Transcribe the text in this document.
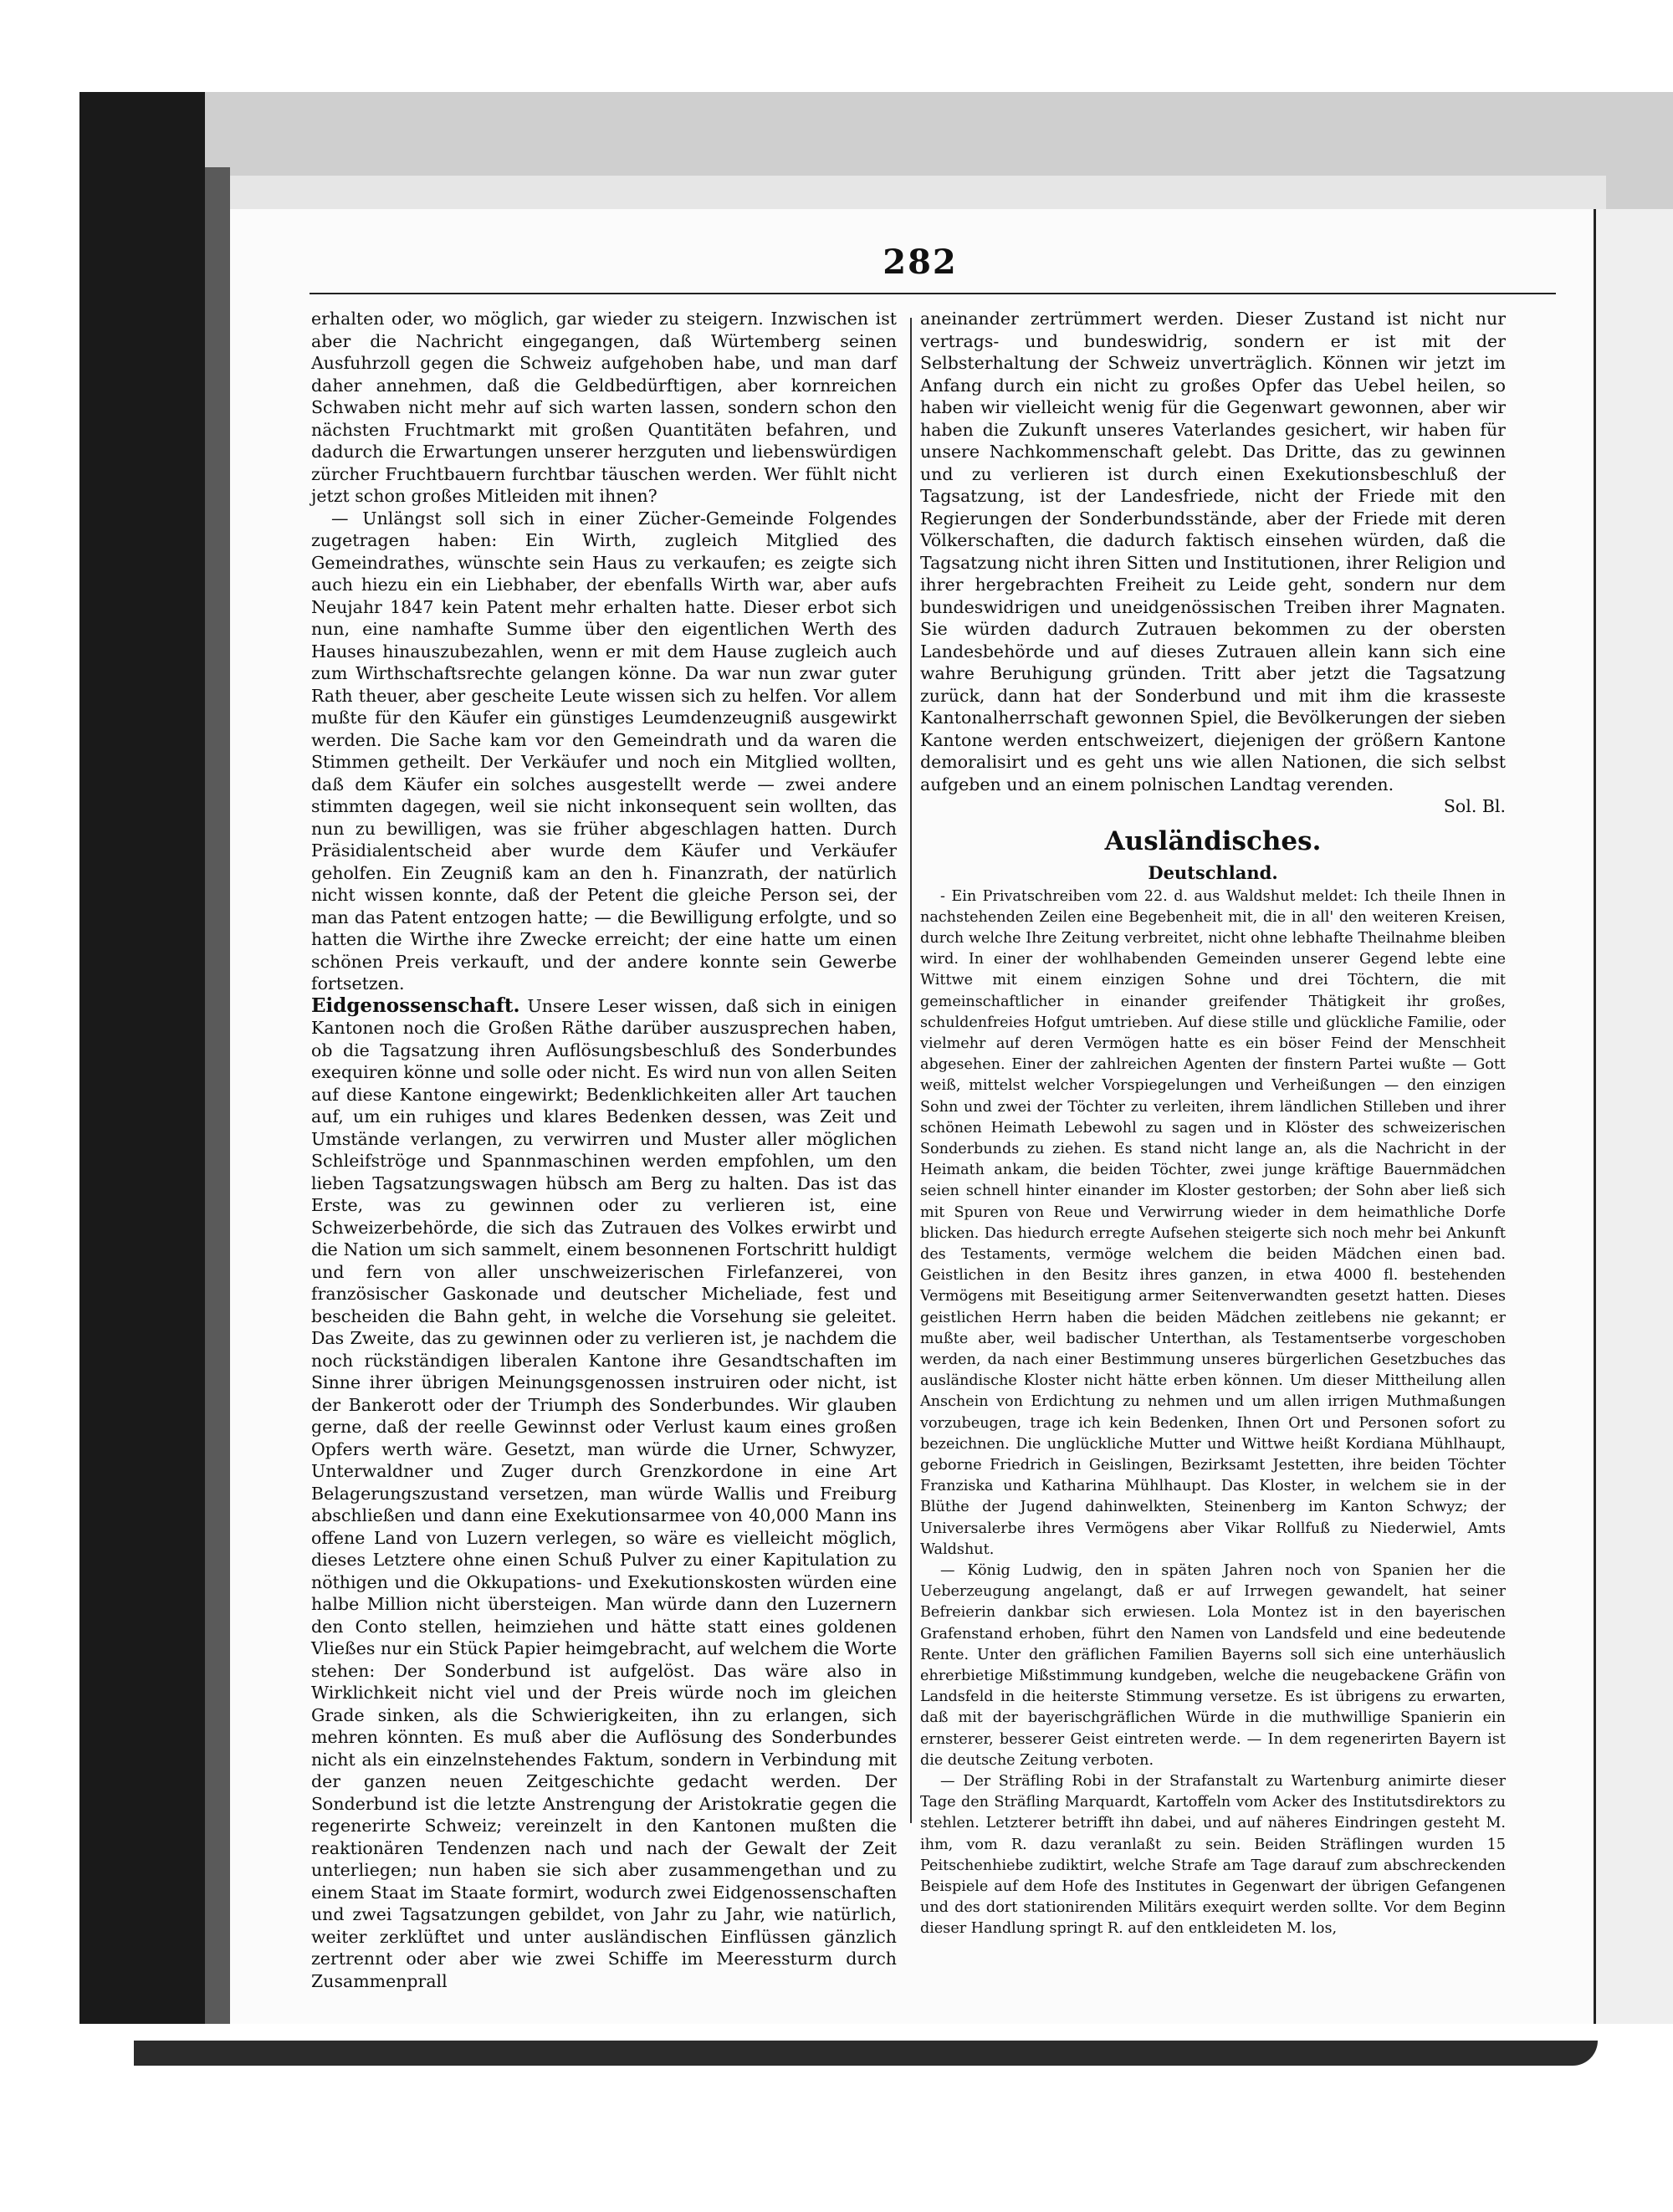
282

erhalten oder, wo möglich, gar wieder zu steigern. Inzwischen ist aber die Nachricht eingegangen, daß Würtemberg seinen Ausfuhrzoll gegen die Schweiz aufgehoben habe, und man darf daher annehmen, daß die Geldbedürftigen, aber kornreichen Schwaben nicht mehr auf sich warten lassen, sondern schon den nächsten Fruchtmarkt mit großen Quantitäten befahren, und dadurch die Erwartungen unserer herzguten und liebenswürdigen zürcher Fruchtbauern furchtbar täuschen werden. Wer fühlt nicht jetzt schon großes Mitleiden mit ihnen?

— Unlängst soll sich in einer Zücher-Gemeinde Folgendes zugetragen haben: Ein Wirth, zugleich Mitglied des Gemeindrathes, wünschte sein Haus zu verkaufen; es zeigte sich auch hiezu ein ein Liebhaber, der ebenfalls Wirth war, aber aufs Neujahr 1847 kein Patent mehr erhalten hatte. Dieser erbot sich nun, eine namhafte Summe über den eigentlichen Werth des Hauses hinauszubezahlen, wenn er mit dem Hause zugleich auch zum Wirthschaftsrechte gelangen könne. Da war nun zwar guter Rath theuer, aber gescheite Leute wissen sich zu helfen. Vor allem mußte für den Käufer ein günstiges Leumdenzeugniß ausgewirkt werden. Die Sache kam vor den Gemeindrath und da waren die Stimmen getheilt. Der Verkäufer und noch ein Mitglied wollten, daß dem Käufer ein solches ausgestellt werde — zwei andere stimmten dagegen, weil sie nicht inkonsequent sein wollten, das nun zu bewilligen, was sie früher abgeschlagen hatten. Durch Präsidialentscheid aber wurde dem Käufer und Verkäufer geholfen. Ein Zeugniß kam an den h. Finanzrath, der natürlich nicht wissen konnte, daß der Petent die gleiche Person sei, der man das Patent entzogen hatte; — die Bewilligung erfolgte, und so hatten die Wirthe ihre Zwecke erreicht; der eine hatte um einen schönen Preis verkauft, und der andere konnte sein Gewerbe fortsetzen.

Eidgenossenschaft. Unsere Leser wissen, daß sich in einigen Kantonen noch die Großen Räthe darüber auszusprechen haben, ob die Tagsatzung ihren Auflösungsbeschluß des Sonderbundes exequiren könne und solle oder nicht. Es wird nun von allen Seiten auf diese Kantone eingewirkt; Bedenklichkeiten aller Art tauchen auf, um ein ruhiges und klares Bedenken dessen, was Zeit und Umstände verlangen, zu verwirren und Muster aller möglichen Schleifströge und Spannmaschinen werden empfohlen, um den lieben Tagsatzungswagen hübsch am Berg zu halten. Das ist das Erste, was zu gewinnen oder zu verlieren ist, eine Schweizerbehörde, die sich das Zutrauen des Volkes erwirbt und die Nation um sich sammelt, einem besonnenen Fortschritt huldigt und fern von aller unschweizerischen Firlefanzerei, von französischer Gaskonade und deutscher Micheliade, fest und bescheiden die Bahn geht, in welche die Vorsehung sie geleitet. Das Zweite, das zu gewinnen oder zu verlieren ist, je nachdem die noch rückständigen liberalen Kantone ihre Gesandtschaften im Sinne ihrer übrigen Meinungsgenossen instruiren oder nicht, ist der Bankerott oder der Triumph des Sonderbundes. Wir glauben gerne, daß der reelle Gewinnst oder Verlust kaum eines großen Opfers werth wäre. Gesetzt, man würde die Urner, Schwyzer, Unterwaldner und Zuger durch Grenzkordone in eine Art Belagerungszustand versetzen, man würde Wallis und Freiburg abschließen und dann eine Exekutionsarmee von 40,000 Mann ins offene Land von Luzern verlegen, so wäre es vielleicht möglich, dieses Letztere ohne einen Schuß Pulver zu einer Kapitulation zu nöthigen und die Okkupations- und Exekutionskosten würden eine halbe Million nicht übersteigen. Man würde dann den Luzernern den Conto stellen, heimziehen und hätte statt eines goldenen Vließes nur ein Stück Papier heimgebracht, auf welchem die Worte stehen: Der Sonderbund ist aufgelöst. Das wäre also in Wirklichkeit nicht viel und der Preis würde noch im gleichen Grade sinken, als die Schwierigkeiten, ihn zu erlangen, sich mehren könnten. Es muß aber die Auflösung des Sonderbundes nicht als ein einzelnstehendes Faktum, sondern in Verbindung mit der ganzen neuen Zeitgeschichte gedacht werden. Der Sonderbund ist die letzte Anstrengung der Aristokratie gegen die regenerirte Schweiz; vereinzelt in den Kantonen mußten die reaktionären Tendenzen nach und nach der Gewalt der Zeit unterliegen; nun haben sie sich aber zusammengethan und zu einem Staat im Staate formirt, wodurch zwei Eidgenossenschaften und zwei Tagsatzungen gebildet, von Jahr zu Jahr, wie natürlich, weiter zerklüftet und unter ausländischen Einflüssen gänzlich zertrennt oder aber wie zwei Schiffe im Meeressturm durch Zusammenprall

aneinander zertrümmert werden. Dieser Zustand ist nicht nur vertrags- und bundeswidrig, sondern er ist mit der Selbsterhaltung der Schweiz unverträglich. Können wir jetzt im Anfang durch ein nicht zu großes Opfer das Uebel heilen, so haben wir vielleicht wenig für die Gegenwart gewonnen, aber wir haben die Zukunft unseres Vaterlandes gesichert, wir haben für unsere Nachkommenschaft gelebt. Das Dritte, das zu gewinnen und zu verlieren ist durch einen Exekutionsbeschluß der Tagsatzung, ist der Landesfriede, nicht der Friede mit den Regierungen der Sonderbundsstände, aber der Friede mit deren Völkerschaften, die dadurch faktisch einsehen würden, daß die Tagsatzung nicht ihren Sitten und Institutionen, ihrer Religion und ihrer hergebrachten Freiheit zu Leide geht, sondern nur dem bundeswidrigen und uneidgenössischen Treiben ihrer Magnaten. Sie würden dadurch Zutrauen bekommen zu der obersten Landesbehörde und auf dieses Zutrauen allein kann sich eine wahre Beruhigung gründen. Tritt aber jetzt die Tagsatzung zurück, dann hat der Sonderbund und mit ihm die krasseste Kantonalherrschaft gewonnen Spiel, die Bevölkerungen der sieben Kantone werden entschweizert, diejenigen der größern Kantone demoralisirt und es geht uns wie allen Nationen, die sich selbst aufgeben und an einem polnischen Landtag verenden.
Sol. Bl.

Ausländisches.
Deutschland.

- Ein Privatschreiben vom 22. d. aus Waldshut meldet: Ich theile Ihnen in nachstehenden Zeilen eine Begebenheit mit, die in all' den weiteren Kreisen, durch welche Ihre Zeitung verbreitet, nicht ohne lebhafte Theilnahme bleiben wird. In einer der wohlhabenden Gemeinden unserer Gegend lebte eine Wittwe mit einem einzigen Sohne und drei Töchtern, die mit gemeinschaftlicher in einander greifender Thätigkeit ihr großes, schuldenfreies Hofgut umtrieben. Auf diese stille und glückliche Familie, oder vielmehr auf deren Vermögen hatte es ein böser Feind der Menschheit abgesehen. Einer der zahlreichen Agenten der finstern Partei wußte — Gott weiß, mittelst welcher Vorspiegelungen und Verheißungen — den einzigen Sohn und zwei der Töchter zu verleiten, ihrem ländlichen Stilleben und ihrer schönen Heimath Lebewohl zu sagen und in Klöster des schweizerischen Sonderbunds zu ziehen. Es stand nicht lange an, als die Nachricht in der Heimath ankam, die beiden Töchter, zwei junge kräftige Bauernmädchen seien schnell hinter einander im Kloster gestorben; der Sohn aber ließ sich mit Spuren von Reue und Verwirrung wieder in dem heimathliche Dorfe blicken. Das hiedurch erregte Aufsehen steigerte sich noch mehr bei Ankunft des Testaments, vermöge welchem die beiden Mädchen einen bad. Geistlichen in den Besitz ihres ganzen, in etwa 4000 fl. bestehenden Vermögens mit Beseitigung armer Seitenverwandten gesetzt hatten. Dieses geistlichen Herrn haben die beiden Mädchen zeitlebens nie gekannt; er mußte aber, weil badischer Unterthan, als Testamentserbe vorgeschoben werden, da nach einer Bestimmung unseres bürgerlichen Gesetzbuches das ausländische Kloster nicht hätte erben können. Um dieser Mittheilung allen Anschein von Erdichtung zu nehmen und um allen irrigen Muthmaßungen vorzubeugen, trage ich kein Bedenken, Ihnen Ort und Personen sofort zu bezeichnen. Die unglückliche Mutter und Wittwe heißt Kordiana Mühlhaupt, geborne Friedrich in Geislingen, Bezirksamt Jestetten, ihre beiden Töchter Franziska und Katharina Mühlhaupt. Das Kloster, in welchem sie in der Blüthe der Jugend dahinwelkten, Steinenberg im Kanton Schwyz; der Universalerbe ihres Vermögens aber Vikar Rollfuß zu Niederwiel, Amts Waldshut.

— König Ludwig, den in späten Jahren noch von Spanien her die Ueberzeugung angelangt, daß er auf Irrwegen gewandelt, hat seiner Befreierin dankbar sich erwiesen. Lola Montez ist in den bayerischen Grafenstand erhoben, führt den Namen von Landsfeld und eine bedeutende Rente. Unter den gräflichen Familien Bayerns soll sich eine unterhäuslich ehrerbietige Mißstimmung kundgeben, welche die neugebackene Gräfin von Landsfeld in die heiterste Stimmung versetze. Es ist übrigens zu erwarten, daß mit der bayerischgräflichen Würde in die muthwillige Spanierin ein ernsterer, besserer Geist eintreten werde. — In dem regenerirten Bayern ist die deutsche Zeitung verboten.

— Der Sträfling Robi in der Strafanstalt zu Wartenburg animirte dieser Tage den Sträfling Marquardt, Kartoffeln vom Acker des Institutsdirektors zu stehlen. Letzterer betrifft ihn dabei, und auf näheres Eindringen gesteht M. ihm, vom R. dazu veranlaßt zu sein. Beiden Sträflingen wurden 15 Peitschenhiebe zudiktirt, welche Strafe am Tage darauf zum abschreckenden Beispiele auf dem Hofe des Institutes in Gegenwart der übrigen Gefangenen und des dort stationirenden Militärs exequirt werden sollte. Vor dem Beginn dieser Handlung springt R. auf den entkleideten M. los,
